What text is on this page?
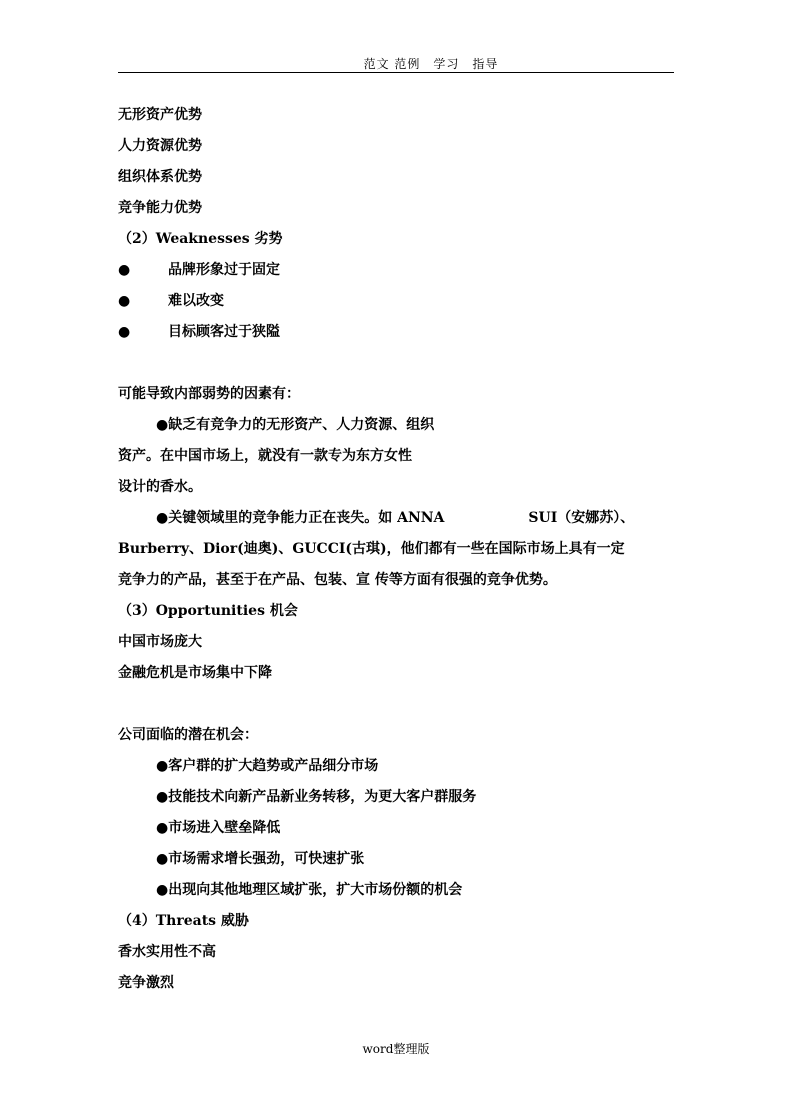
范文 范例　学习　指导
无形资产优势
人力资源优势
组织体系优势
竞争能力优势
（2）Weaknesses 劣势
●	品牌形象过于固定
●	难以改变
●	目标顾客过于狭隘
可能导致内部弱势的因素有：
●缺乏有竞争力的无形资产、人力资源、组织
资产。在中国市场上，就没有一款专为东方女性
设计的香水。
●关键领域里的竞争能力正在丧失。如 ANNA	SUI（安娜苏）、
Burberry、Dior(迪奥)、GUCCI(古琪)，他们都有一些在国际市场上具有一定
竞争力的产品，甚至于在产品、包装、宣 传等方面有很强的竞争优势。
（3）Opportunities 机会
中国市场庞大
金融危机是市场集中下降
公司面临的潜在机会：
●客户群的扩大趋势或产品细分市场
●技能技术向新产品新业务转移，为更大客户群服务
●市场进入壁垒降低
●市场需求增长强劲，可快速扩张
●出现向其他地理区域扩张，扩大市场份额的机会
（4）Threats 威胁
香水实用性不高
竞争激烈
word整理版
